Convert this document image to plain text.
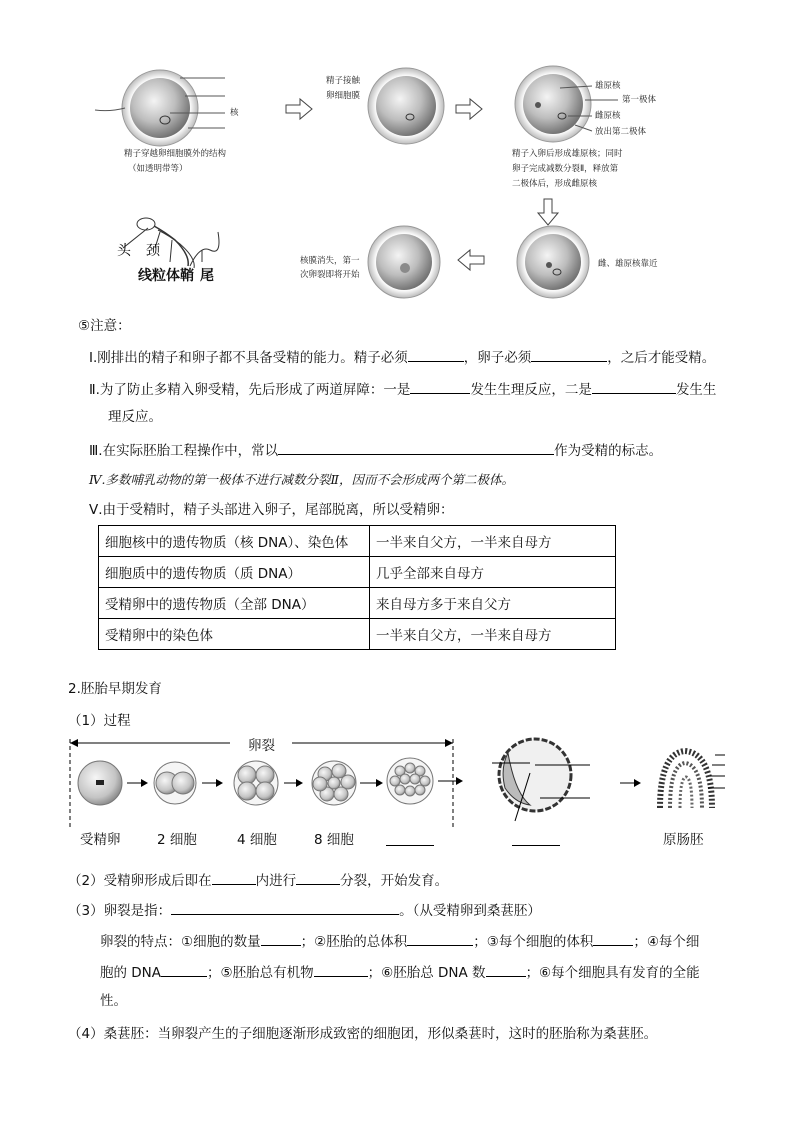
精子穿越卵细胞膜外的结构
（如透明带等）
核
精子接触
卵细胞膜
雄原核
第一极体
雌原核
放出第二极体
精子入卵后形成雄原核；同时
卵子完成减数分裂Ⅱ，释放第
二极体后，形成雌原核
核膜消失，第一
次卵裂即将开始
雌、雄原核靠近
头 颈
线粒体鞘 尾
⑤注意：
Ⅰ.刚排出的精子和卵子都不具备受精的能力。精子必须	，卵子必须	，之后才能受精。
Ⅱ.为了防止多精入卵受精，先后形成了两道屏障：一是	发生生理反应，二是	发生生
理反应。
Ⅲ.在实际胚胎工程操作中，常以	作为受精的标志。
Ⅳ.多数哺乳动物的第一极体不进行减数分裂Ⅱ，因而不会形成两个第二极体。
Ⅴ.由于受精时，精子头部进入卵子，尾部脱离，所以受精卵：
细胞核中的遗传物质（核 DNA）、染色体	一半来自父方，一半来自母方
细胞质中的遗传物质（质 DNA）	几乎全部来自母方
受精卵中的遗传物质（全部 DNA）	来自母方多于来自父方
受精卵中的染色体	一半来自父方，一半来自母方
2.胚胎早期发育
（1）过程
卵裂
受精卵	2 细胞	4 细胞	8 细胞	原肠胚
（2）受精卵形成后即在	内进行	分裂，开始发育。
（3）卵裂是指：	。（从受精卵到桑葚胚）
卵裂的特点：①细胞的数量	；②胚胎的总体积	；③每个细胞的体积	；④每个细
胞的 DNA	；⑤胚胎总有机物	；⑥胚胎总 DNA 数	；⑥每个细胞具有发育的全能
性。
（4）桑葚胚：当卵裂产生的子细胞逐渐形成致密的细胞团，形似桑葚时，这时的胚胎称为桑葚胚。
